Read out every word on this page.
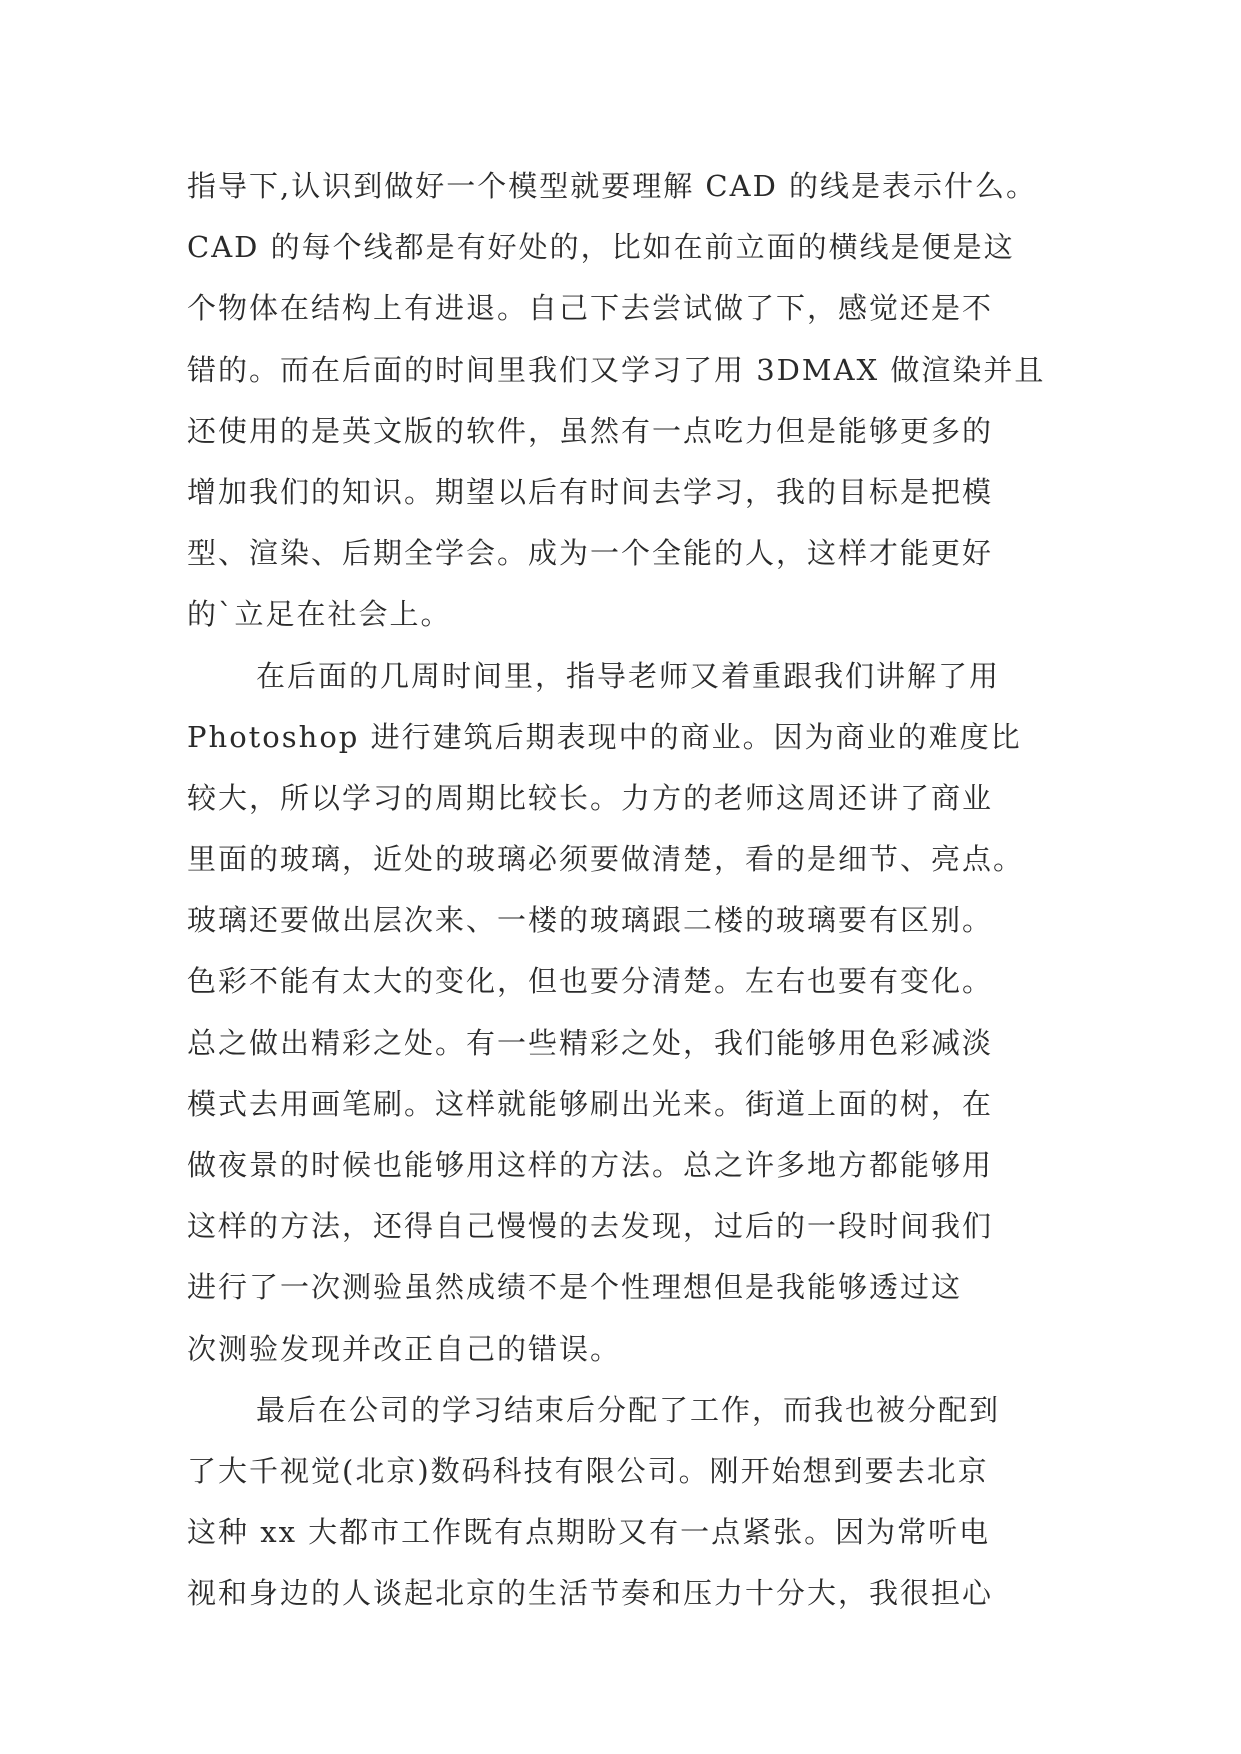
指导下,认识到做好一个模型就要理解 CAD 的线是表示什么。
CAD 的每个线都是有好处的，比如在前立面的横线是便是这
个物体在结构上有进退。自己下去尝试做了下，感觉还是不
错的。而在后面的时间里我们又学习了用 3DMAX 做渲染并且
还使用的是英文版的软件，虽然有一点吃力但是能够更多的
增加我们的知识。期望以后有时间去学习，我的目标是把模
型、渲染、后期全学会。成为一个全能的人，这样才能更好
的`立足在社会上。
在后面的几周时间里，指导老师又着重跟我们讲解了用
Photoshop 进行建筑后期表现中的商业。因为商业的难度比
较大，所以学习的周期比较长。力方的老师这周还讲了商业
里面的玻璃，近处的玻璃必须要做清楚，看的是细节、亮点。
玻璃还要做出层次来、一楼的玻璃跟二楼的玻璃要有区别。
色彩不能有太大的变化，但也要分清楚。左右也要有变化。
总之做出精彩之处。有一些精彩之处，我们能够用色彩减淡
模式去用画笔刷。这样就能够刷出光来。街道上面的树，在
做夜景的时候也能够用这样的方法。总之许多地方都能够用
这样的方法，还得自己慢慢的去发现，过后的一段时间我们
进行了一次测验虽然成绩不是个性理想但是我能够透过这
次测验发现并改正自己的错误。
最后在公司的学习结束后分配了工作，而我也被分配到
了大千视觉(北京)数码科技有限公司。刚开始想到要去北京
这种 xx 大都市工作既有点期盼又有一点紧张。因为常听电
视和身边的人谈起北京的生活节奏和压力十分大，我很担心
